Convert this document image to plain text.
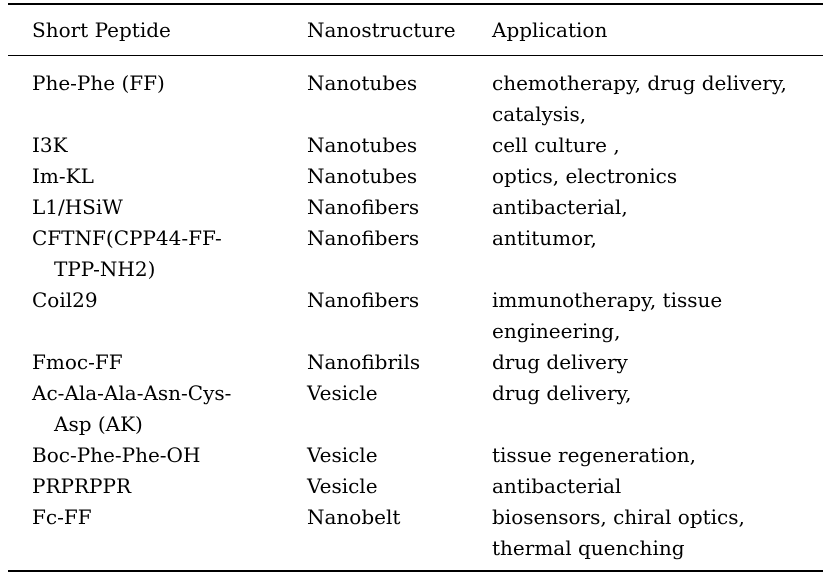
Short Peptide	Nanostructure	Application

Phe-Phe (FF)	Nanotubes	chemotherapy, drug delivery,
catalysis,

I3K	Nanotubes	cell culture ,

Im-KL	Nanotubes	optics, electronics

L1/HSiW	Nanofibers	antibacterial,

CFTNF(CPP44-FF-
TPP-NH2)	Nanofibers	antitumor,

Coil29	Nanofibers	immunotherapy, tissue
engineering,

Fmoc-FF	Nanofibrils	drug delivery

Ac-Ala-Ala-Asn-Cys-
Asp (AK)	Vesicle	drug delivery,

Boc-Phe-Phe-OH	Vesicle	tissue regeneration,

PRPRPPR	Vesicle	antibacterial

Fc-FF	Nanobelt	biosensors, chiral optics,
thermal quenching
